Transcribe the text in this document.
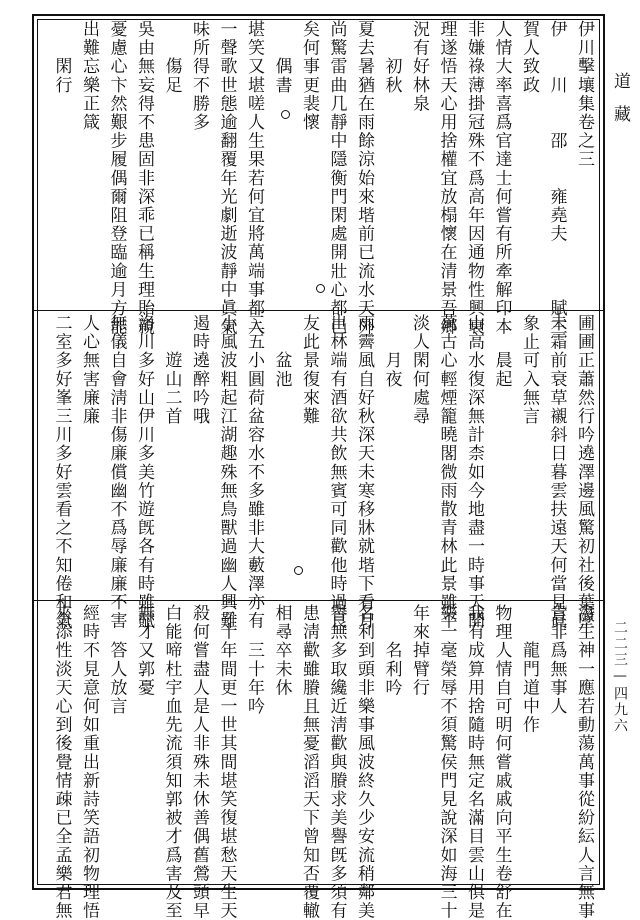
伊川擊壤集卷之三
伊　　川　　邵　　雍堯夫　　　賦三
賀人致政
人情大率喜爲官達士何嘗有所牽解印本
非嫌祿薄掛冠殊不爲高年因通物性興衰
理遂悟天心用捨權宜放榻懷在清景吾鄉
況有好林泉
　　初秋
夏去暑猶在雨餘涼始來堦前已流水天外
尚驚雷曲几靜中隱衡門閑處開壯心都已
矣何事更裴懷
　　偶書
堪笑又堪嗟人生果若何宜將萬端事都入
一聲歌世態逾翻覆年光劇逝波靜中眞氣
味所得不勝多
　　傷足
吳由無妄得不患固非深乖已稱生理貽親
憂慮心卞然艱步履偶爾阻登臨逾月方能
出難忘樂正箴
　　閑行
圃圃正蕭然行吟遶澤邊風驚初社後葉墜
未霜前衰草襯斜日暮雲扶遠天何當見眞
象止可入無言
　　晨起
山高水復深無計柰如今地盡一時事天開
萬古心輕煙籠曉閣微雨散青林此景雖平
淡人閑何處尋
　　月夜
雨霽風自好秋深天未寒移牀就堦下看月
出林端有酒欲共飲無賓可同歡他時過良
友此景復來難
　　盆池
三五小圓荷盆容水不多雖非大藪澤亦有
小風波粗起江湖趣殊無鳥獸過幽人興難
遏時遶醉吟哦
　　遊山二首
洛川多好山伊川多美竹遊旣各有時雖賦
無儀自會淸非傷廉償幽不爲辱廉廉不害
人心無害廉廉
二室多好峯三川多好雲看之不知倦和氣
潛生神一應若動蕩萬事從紛紜人言無事
貴非爲無事人
　　龍門道中作
物理人情自可明何嘗戚戚向平生卷舒在
我有成算用捨隨時無定名滿目雲山俱是
樂一毫榮辱不須驚侯門見說深如海三十
年來掉臂行
　　名利吟
名利到頭非樂事風波終久少安流稍鄰美
譽無多取纔近淸歡與賸求美譽旣多須有
患淸歡雖賸且無憂滔滔天下曾知否覆轍
相尋卒未休
　　三十年吟
三十年間更一世其間堪笑復堪愁天生天
殺何嘗盡人是人非殊未休善偶舊鶯頭早
白能啼杜宇血先流須知郭被才爲害及至
無才又郭憂
　　答人放言
經時不見意何如重出新詩笑語初物理悟
來添性淡天心到後覺情疎已全孟樂君無
道藏
二二三—四九六
